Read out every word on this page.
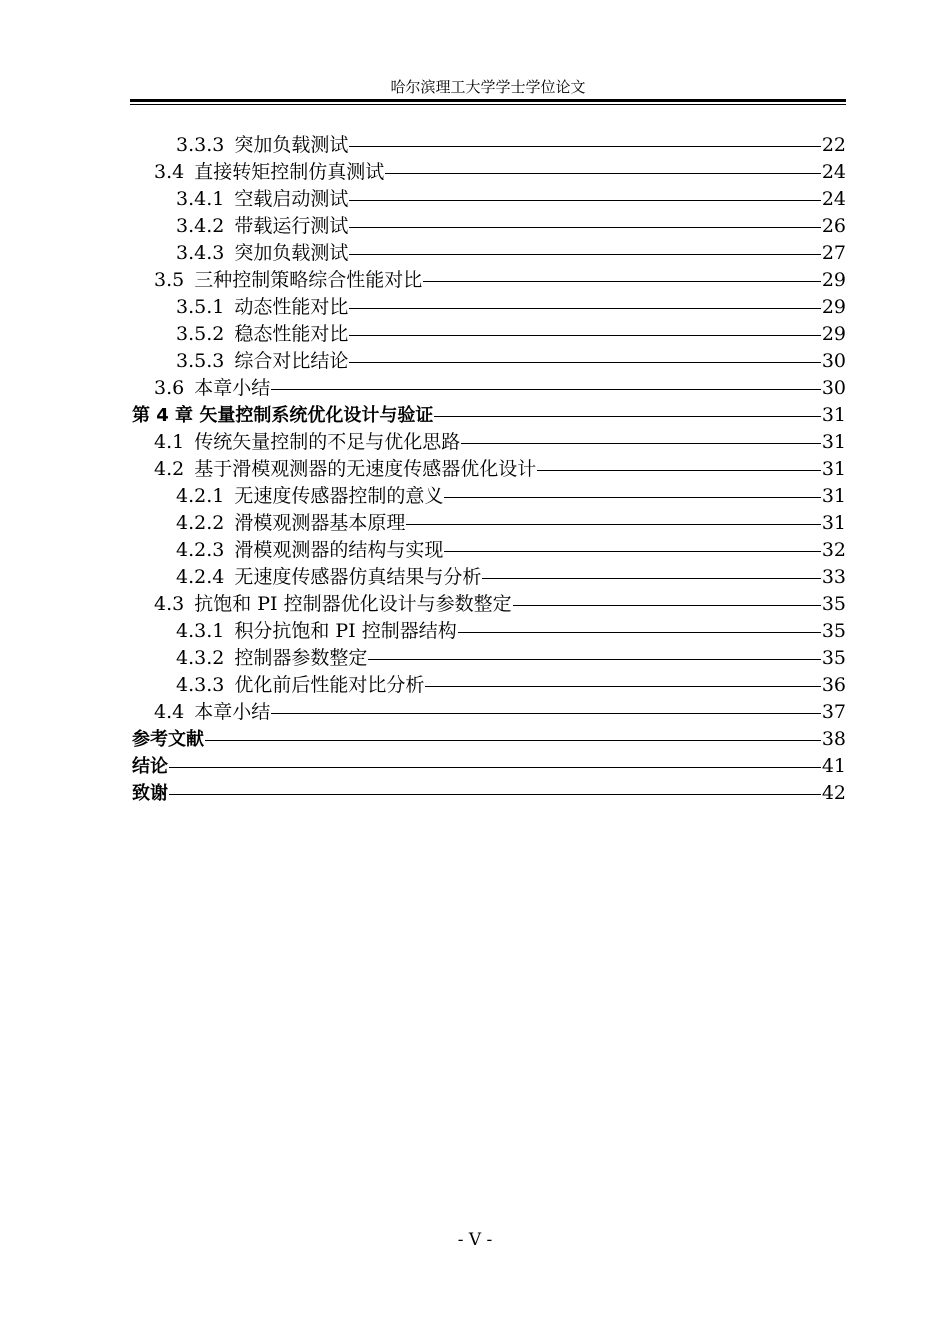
哈尔滨理工大学学士学位论文
3.3.3 突加负载测试	22
3.4 直接转矩控制仿真测试	24
3.4.1 空载启动测试	24
3.4.2 带载运行测试	26
3.4.3 突加负载测试	27
3.5 三种控制策略综合性能对比	29
3.5.1 动态性能对比	29
3.5.2 稳态性能对比	29
3.5.3 综合对比结论	30
3.6 本章小结	30
第 4 章 矢量控制系统优化设计与验证	31
4.1 传统矢量控制的不足与优化思路	31
4.2 基于滑模观测器的无速度传感器优化设计	31
4.2.1 无速度传感器控制的意义	31
4.2.2 滑模观测器基本原理	31
4.2.3 滑模观测器的结构与实现	32
4.2.4 无速度传感器仿真结果与分析	33
4.3 抗饱和 PI 控制器优化设计与参数整定	35
4.3.1 积分抗饱和 PI 控制器结构	35
4.3.2 控制器参数整定	35
4.3.3 优化前后性能对比分析	36
4.4 本章小结	37
参考文献	38
结论	41
致谢	42
- V -
